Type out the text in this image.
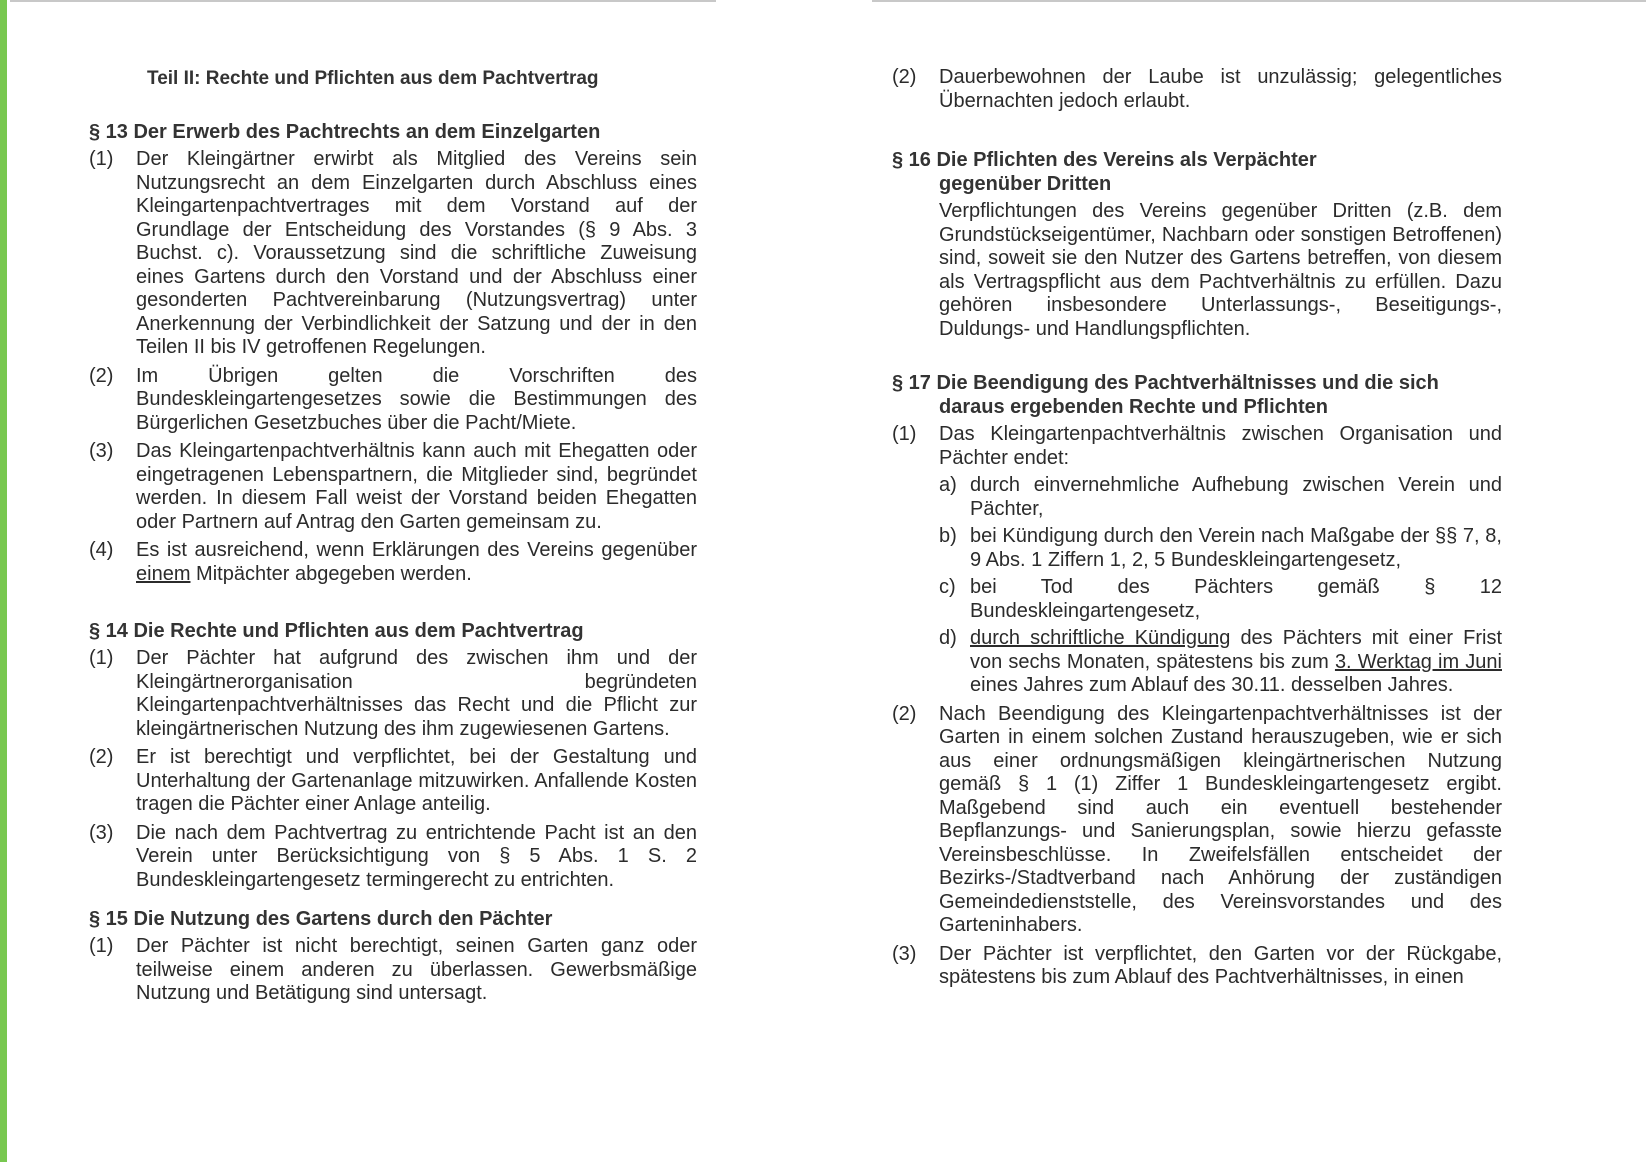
Teil II: Rechte und Pflichten aus dem Pachtvertrag
§ 13 Der Erwerb des Pachtrechts an dem Einzelgarten
(1)	Der Kleingärtner erwirbt als Mitglied des Vereins sein Nutzungsrecht an dem Einzelgarten durch Abschluss eines Kleingartenpachtvertrages mit dem Vorstand auf der Grundlage der Entscheidung des Vorstandes (§ 9 Abs. 3 Buchst. c). Voraussetzung sind die schriftliche Zuweisung eines Gartens durch den Vorstand und der Abschluss einer gesonderten Pachtvereinbarung (Nutzungsvertrag) unter Anerkennung der Verbindlichkeit der Satzung und der in den Teilen II bis IV getroffenen Regelungen.
(2)	Im Übrigen gelten die Vorschriften des Bundeskleingartengesetzes sowie die Bestimmungen des Bürgerlichen Gesetzbuches über die Pacht/Miete.
(3)	Das Kleingartenpachtverhältnis kann auch mit Ehegatten oder eingetragenen Lebenspartnern, die Mitglieder sind, begründet werden. In diesem Fall weist der Vorstand beiden Ehegatten oder Partnern auf Antrag den Garten gemeinsam zu.
(4)	Es ist ausreichend, wenn Erklärungen des Vereins gegenüber einem Mitpächter abgegeben werden.
§ 14 Die Rechte und Pflichten aus dem Pachtvertrag
(1)	Der Pächter hat aufgrund des zwischen ihm und der Kleingärtnerorganisation begründeten Kleingartenpachtverhältnisses das Recht und die Pflicht zur kleingärtnerischen Nutzung des ihm zugewiesenen Gartens.
(2)	Er ist berechtigt und verpflichtet, bei der Gestaltung und Unterhaltung der Gartenanlage mitzuwirken. Anfallende Kosten tragen die Pächter einer Anlage anteilig.
(3)	Die nach dem Pachtvertrag zu entrichtende Pacht ist an den Verein unter Berücksichtigung von § 5 Abs. 1 S. 2 Bundeskleingartengesetz termingerecht zu entrichten.
§ 15 Die Nutzung des Gartens durch den Pächter
(1)	Der Pächter ist nicht berechtigt, seinen Garten ganz oder teilweise einem anderen zu überlassen. Gewerbsmäßige Nutzung und Betätigung sind untersagt.
(2)	Dauerbewohnen der Laube ist unzulässig; gelegentliches Übernachten jedoch erlaubt.
§ 16 Die Pflichten des Vereins als Verpächter
gegenüber Dritten
Verpflichtungen des Vereins gegenüber Dritten (z.B. dem Grundstückseigentümer, Nachbarn oder sonstigen Betroffenen) sind, soweit sie den Nutzer des Gartens betreffen, von diesem als Vertragspflicht aus dem Pachtverhältnis zu erfüllen. Dazu gehören insbesondere Unterlassungs-, Beseitigungs-, Duldungs- und Handlungspflichten.
§ 17 Die Beendigung des Pachtverhältnisses und die sich
daraus ergebenden Rechte und Pflichten
(1)	Das Kleingartenpachtverhältnis zwischen Organisation und Pächter endet:
a) durch einvernehmliche Aufhebung zwischen Verein und Pächter,
b) bei Kündigung durch den Verein nach Maßgabe der §§ 7, 8, 9 Abs. 1 Ziffern 1, 2, 5 Bundeskleingartengesetz,
c) bei Tod des Pächters gemäß § 12 Bundeskleingartengesetz,
d) durch schriftliche Kündigung des Pächters mit einer Frist von sechs Monaten, spätestens bis zum 3. Werktag im Juni eines Jahres zum Ablauf des 30.11. desselben Jahres.
(2)	Nach Beendigung des Kleingartenpachtverhältnisses ist der Garten in einem solchen Zustand herauszugeben, wie er sich aus einer ordnungsmäßigen kleingärtnerischen Nutzung gemäß § 1 (1) Ziffer 1 Bundeskleingartengesetz ergibt. Maßgebend sind auch ein eventuell bestehender Bepflanzungs- und Sanierungsplan, sowie hierzu gefasste Vereinsbeschlüsse. In Zweifelsfällen entscheidet der Bezirks-/Stadtverband nach Anhörung der zuständigen Gemeindedienststelle, des Vereinsvorstandes und des Garteninhabers.
(3)	Der Pächter ist verpflichtet, den Garten vor der Rückgabe, spätestens bis zum Ablauf des Pachtverhältnisses, in einen
